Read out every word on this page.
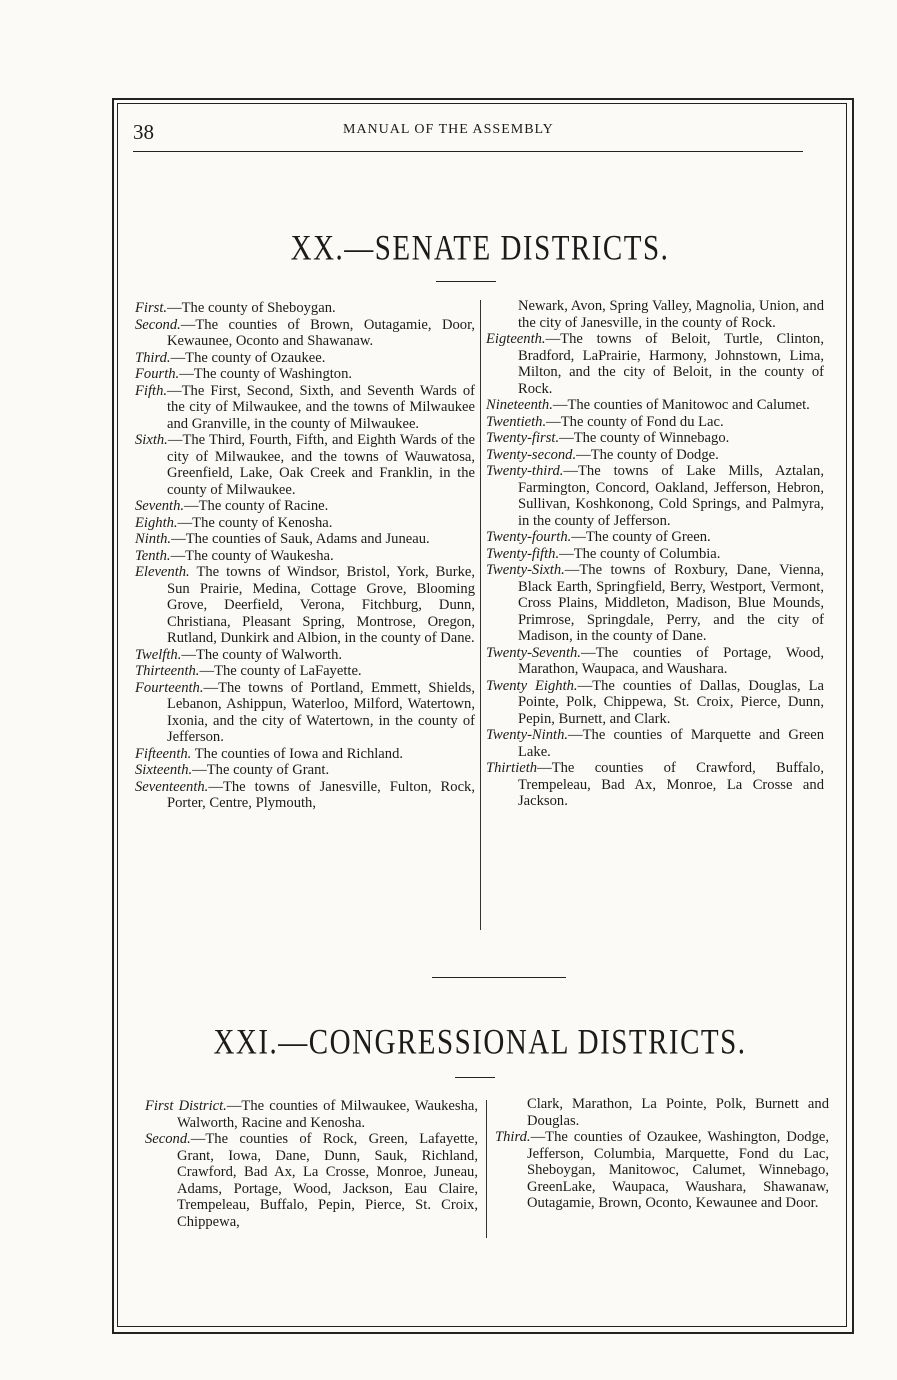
38	MANUAL OF THE ASSEMBLY
XX.—SENATE DISTRICTS.
First.—The county of Sheboygan.
Second.—The counties of Brown, Outagamie, Door, Kewaunee, Oconto and Shawanaw.
Third.—The county of Ozaukee.
Fourth.—The county of Washington.
Fifth.—The First, Second, Sixth, and Seventh Wards of the city of Milwaukee, and the towns of Milwaukee and Granville, in the county of Milwaukee.
Sixth.—The Third, Fourth, Fifth, and Eighth Wards of the city of Milwaukee, and the towns of Wauwatosa, Greenfield, Lake, Oak Creek and Franklin, in the county of Milwaukee.
Seventh.—The county of Racine.
Eighth.—The county of Kenosha.
Ninth.—The counties of Sauk, Adams and Juneau.
Tenth.—The county of Waukesha.
Eleventh. The towns of Windsor, Bristol, York, Burke, Sun Prairie, Medina, Cottage Grove, Blooming Grove, Deerfield, Verona, Fitchburg, Dunn, Christiana, Pleasant Spring, Montrose, Oregon, Rutland, Dunkirk and Albion, in the county of Dane.
Twelfth.—The county of Walworth.
Thirteenth.—The county of LaFayette.
Fourteenth.—The towns of Portland, Emmett, Shields, Lebanon, Ashippun, Waterloo, Milford, Watertown, Ixonia, and the city of Watertown, in the county of Jefferson.
Fifteenth. The counties of Iowa and Richland.
Sixteenth.—The county of Grant.
Seventeenth.—The towns of Janesville, Fulton, Rock, Porter, Centre, Plymouth,
Newark, Avon, Spring Valley, Magnolia, Union, and the city of Janesville, in the county of Rock.
Eigteenth.—The towns of Beloit, Turtle, Clinton, Bradford, LaPrairie, Harmony, Johnstown, Lima, Milton, and the city of Beloit, in the county of Rock.
Nineteenth.—The counties of Manitowoc and Calumet.
Twentieth.—The county of Fond du Lac.
Twenty-first.—The county of Winnebago.
Twenty-second.—The county of Dodge.
Twenty-third.—The towns of Lake Mills, Aztalan, Farmington, Concord, Oakland, Jefferson, Hebron, Sullivan, Koshkonong, Cold Springs, and Palmyra, in the county of Jefferson.
Twenty-fourth.—The county of Green.
Twenty-fifth.—The county of Columbia.
Twenty-Sixth.—The towns of Roxbury, Dane, Vienna, Black Earth, Springfield, Berry, Westport, Vermont, Cross Plains, Middleton, Madison, Blue Mounds, Primrose, Springdale, Perry, and the city of Madison, in the county of Dane.
Twenty-Seventh.—The counties of Portage, Wood, Marathon, Waupaca, and Waushara.
Twenty Eighth.—The counties of Dallas, Douglas, La Pointe, Polk, Chippewa, St. Croix, Pierce, Dunn, Pepin, Burnett, and Clark.
Twenty-Ninth.—The counties of Marquette and Green Lake.
Thirtieth—The counties of Crawford, Buffalo, Trempeleau, Bad Ax, Monroe, La Crosse and Jackson.
XXI.—CONGRESSIONAL DISTRICTS.
First District.—The counties of Milwaukee, Waukesha, Walworth, Racine and Kenosha.
Second.—The counties of Rock, Green, Lafayette, Grant, Iowa, Dane, Dunn, Sauk, Richland, Crawford, Bad Ax, La Crosse, Monroe, Juneau, Adams, Portage, Wood, Jackson, Eau Claire, Trempeleau, Buffalo, Pepin, Pierce, St. Croix, Chippewa,
Clark, Marathon, La Pointe, Polk, Burnett and Douglas.
Third.—The counties of Ozaukee, Washington, Dodge, Jefferson, Columbia, Marquette, Fond du Lac, Sheboygan, Manitowoc, Calumet, Winnebago, GreenLake, Waupaca, Waushara, Shawanaw, Outagamie, Brown, Oconto, Kewaunee and Door.
